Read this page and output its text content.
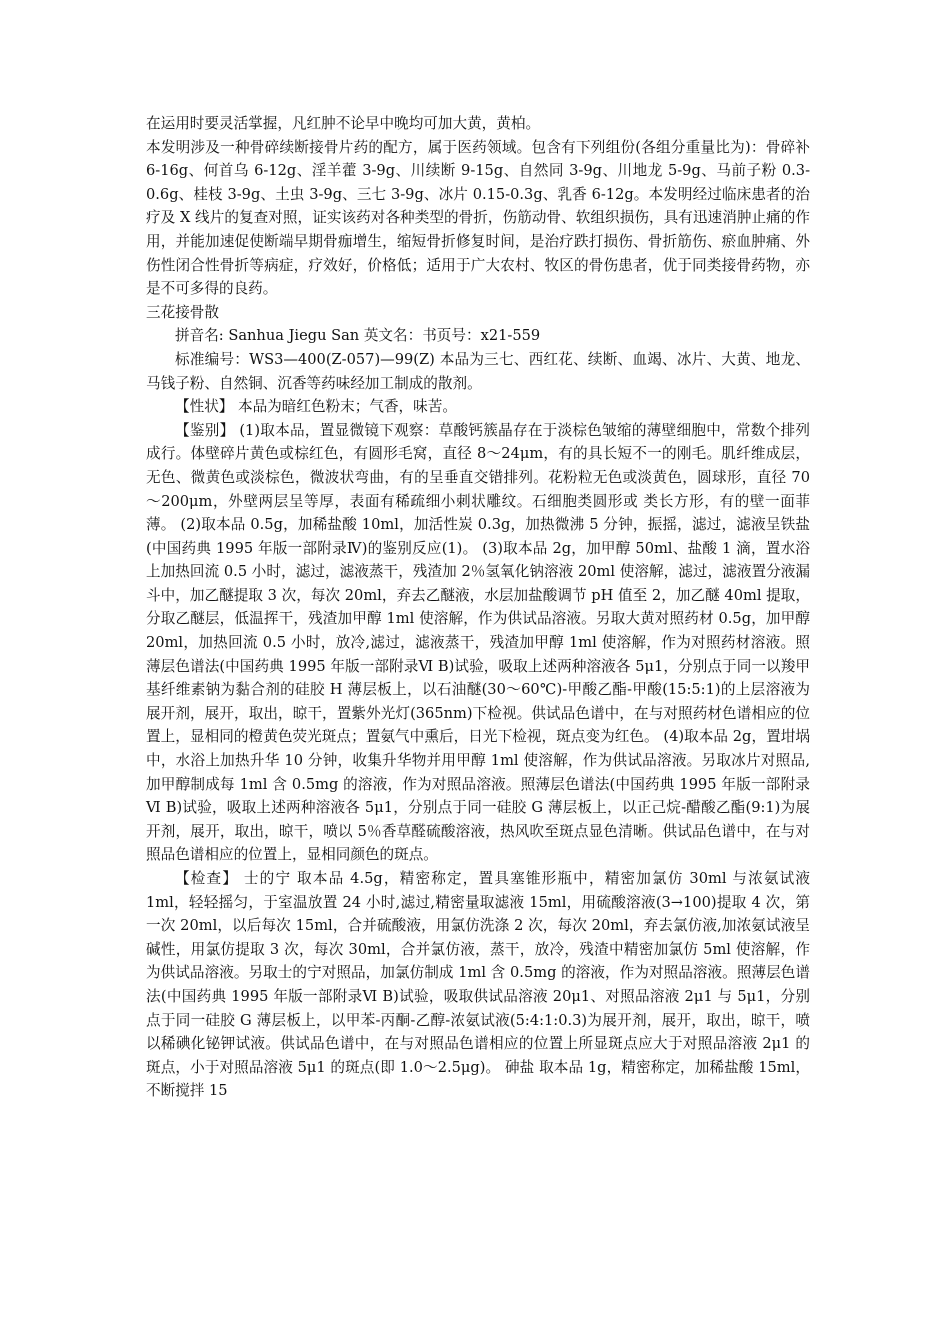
在运用时要灵活掌握，凡红肿不论早中晚均可加大黄，黄柏。

本发明涉及一种骨碎续断接骨片药的配方，属于医药领域。包含有下列组份(各组分重量比为)：骨碎补 6-16g、何首乌 6-12g、淫羊藿 3-9g、川续断 9-15g、自然同 3-9g、川地龙 5-9g、马前子粉 0.3-0.6g、桂枝 3-9g、土虫 3-9g、三七 3-9g、冰片 0.15-0.3g、乳香 6-12g。本发明经过临床患者的治疗及 X 线片的复查对照，证实该药对各种类型的骨折，伤筋动骨、软组织损伤，具有迅速消肿止痛的作用，并能加速促使断端早期骨痂增生，缩短骨折修复时间，是治疗跌打损伤、骨折筋伤、瘀血肿痛、外伤性闭合性骨折等病症，疗效好，价格低；适用于广大农村、牧区的骨伤患者，优于同类接骨药物，亦是不可多得的良药。

三花接骨散

拼音名: Sanhua Jiegu San 英文名：书页号：x21-559

标准编号：WS3—400(Z-057)—99(Z) 本品为三七、西红花、续断、血竭、冰片、大黄、地龙、马钱子粉、自然铜、沉香等药味经加工制成的散剂。

【性状】 本品为暗红色粉末；气香，味苦。

【鉴别】 (1)取本品，置显微镜下观察：草酸钙簇晶存在于淡棕色皱缩的薄壁细胞中，常数个排列成行。体壁碎片黄色或棕红色，有圆形毛窝，直径 8～24μm，有的具长短不一的刚毛。肌纤维成层，无色、微黄色或淡棕色，微波状弯曲，有的呈垂直交错排列。花粉粒无色或淡黄色，圆球形，直径 70～200μm，外壁两层呈等厚，表面有稀疏细小刺状雕纹。石细胞类圆形或 类长方形，有的壁一面菲薄。 (2)取本品 0.5g，加稀盐酸 10ml，加活性炭 0.3g，加热微沸 5 分钟，振摇，滤过，滤液呈铁盐(中国药典 1995 年版一部附录Ⅳ)的鉴别反应(1)。 (3)取本品 2g，加甲醇 50ml、盐酸 1 滴，置水浴上加热回流 0.5 小时，滤过，滤液蒸干，残渣加 2％氢氧化钠溶液 20ml 使溶解，滤过，滤液置分液漏斗中，加乙醚提取 3 次，每次 20ml，弃去乙醚液，水层加盐酸调节 pH 值至 2，加乙醚 40ml 提取，分取乙醚层，低温挥干，残渣加甲醇 1ml 使溶解，作为供试品溶液。另取大黄对照药材 0.5g，加甲醇 20ml，加热回流 0.5 小时，放冷,滤过，滤液蒸干，残渣加甲醇 1ml 使溶解，作为对照药材溶液。照薄层色谱法(中国药典 1995 年版一部附录Ⅵ B)试验，吸取上述两种溶液各 5μ1，分别点于同一以羧甲基纤维素钠为黏合剂的硅胶 H 薄层板上，以石油醚(30～60℃)-甲酸乙酯-甲酸(15:5:1)的上层溶液为展开剂，展开，取出，晾干，置紫外光灯(365nm)下检视。供试品色谱中，在与对照药材色谱相应的位置上，显相同的橙黄色荧光斑点；置氨气中熏后，日光下检视，斑点变为红色。 (4)取本品 2g，置坩埚中，水浴上加热升华 10 分钟，收集升华物并用甲醇 1ml 使溶解，作为供试品溶液。另取冰片对照品,加甲醇制成每 1ml 含 0.5mg 的溶液，作为对照品溶液。照薄层色谱法(中国药典 1995 年版一部附录Ⅵ B)试验，吸取上述两种溶液各 5μ1，分别点于同一硅胶 G 薄层板上，以正己烷-醋酸乙酯(9:1)为展开剂，展开，取出，晾干，喷以 5％香草醛硫酸溶液，热风吹至斑点显色清晰。供试品色谱中，在与对照品色谱相应的位置上，显相同颜色的斑点。

【检查】 士的宁 取本品 4.5g，精密称定，置具塞锥形瓶中，精密加氯仿 30ml 与浓氨试液 1ml，轻轻摇匀，于室温放置 24 小时,滤过,精密量取滤液 15ml，用硫酸溶液(3→100)提取 4 次，第一次 20ml，以后每次 15ml，合并硫酸液，用氯仿洗涤 2 次，每次 20ml，弃去氯仿液,加浓氨试液呈碱性，用氯仿提取 3 次，每次 30ml，合并氯仿液，蒸干，放冷，残渣中精密加氯仿 5ml 使溶解，作为供试品溶液。另取士的宁对照品，加氯仿制成 1ml 含 0.5mg 的溶液，作为对照品溶液。照薄层色谱法(中国药典 1995 年版一部附录Ⅵ B)试验，吸取供试品溶液 20μ1、对照品溶液 2μ1 与 5μ1，分别点于同一硅胶 G 薄层板上，以甲苯-丙酮-乙醇-浓氨试液(5:4:1:0.3)为展开剂，展开，取出，晾干，喷以稀碘化铋钾试液。供试品色谱中，在与对照品色谱相应的位置上所显斑点应大于对照品溶液 2μ1 的斑点，小于对照品溶液 5μ1 的斑点(即 1.0～2.5μg)。 砷盐 取本品 1g，精密称定，加稀盐酸 15ml，不断搅拌 15
